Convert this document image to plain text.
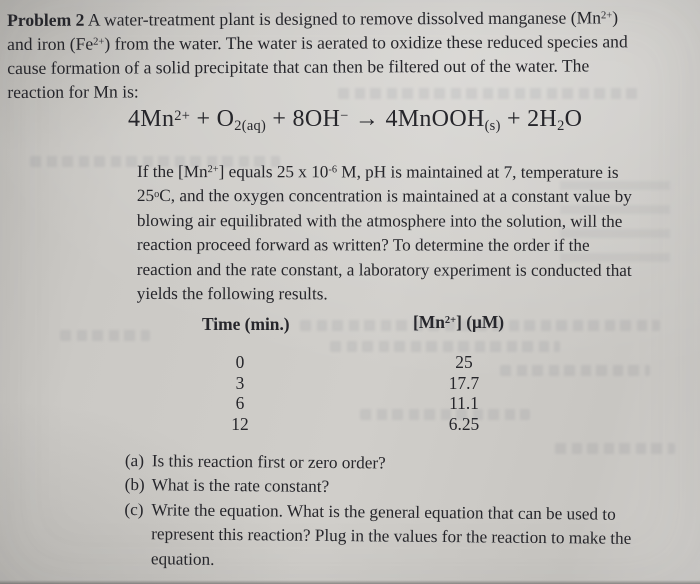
Problem 2 A water-treatment plant is designed to remove dissolved manganese $(Mn^{2+})$
and iron $(Fe^{2+})$ from the water. The water is aerated to oxidize these reduced species and
cause formation of a solid precipitate that can then be filtered out of the water. The
reaction for Mn is:
$4Mn^{2+} + O_{2(aq)} + 8OH^-$ → 4MnOOH$_{(s)}$ + $2H_2O$
If the $[Mn^{2+}]$ equals 25 x $10^{-6}$ M, pH is maintained at 7, temperature is
25$^o$C, and the oxygen concentration is maintained at a constant value by
blowing air equilibrated with the atmosphere into the solution, will the
reaction proceed forward as written? To determine the order if the
reaction and the rate constant, a laboratory experiment is conducted that
yields the following results.
Time (min.)	$[Mn^{2+}]$ (μM)
0	25
3	17.7
6	11.1
12	6.25
(a) Is this reaction first or zero order?
(b) What is the rate constant?
(c) Write the equation. What is the general equation that can be used to
represent this reaction? Plug in the values for the reaction to make the
equation.
